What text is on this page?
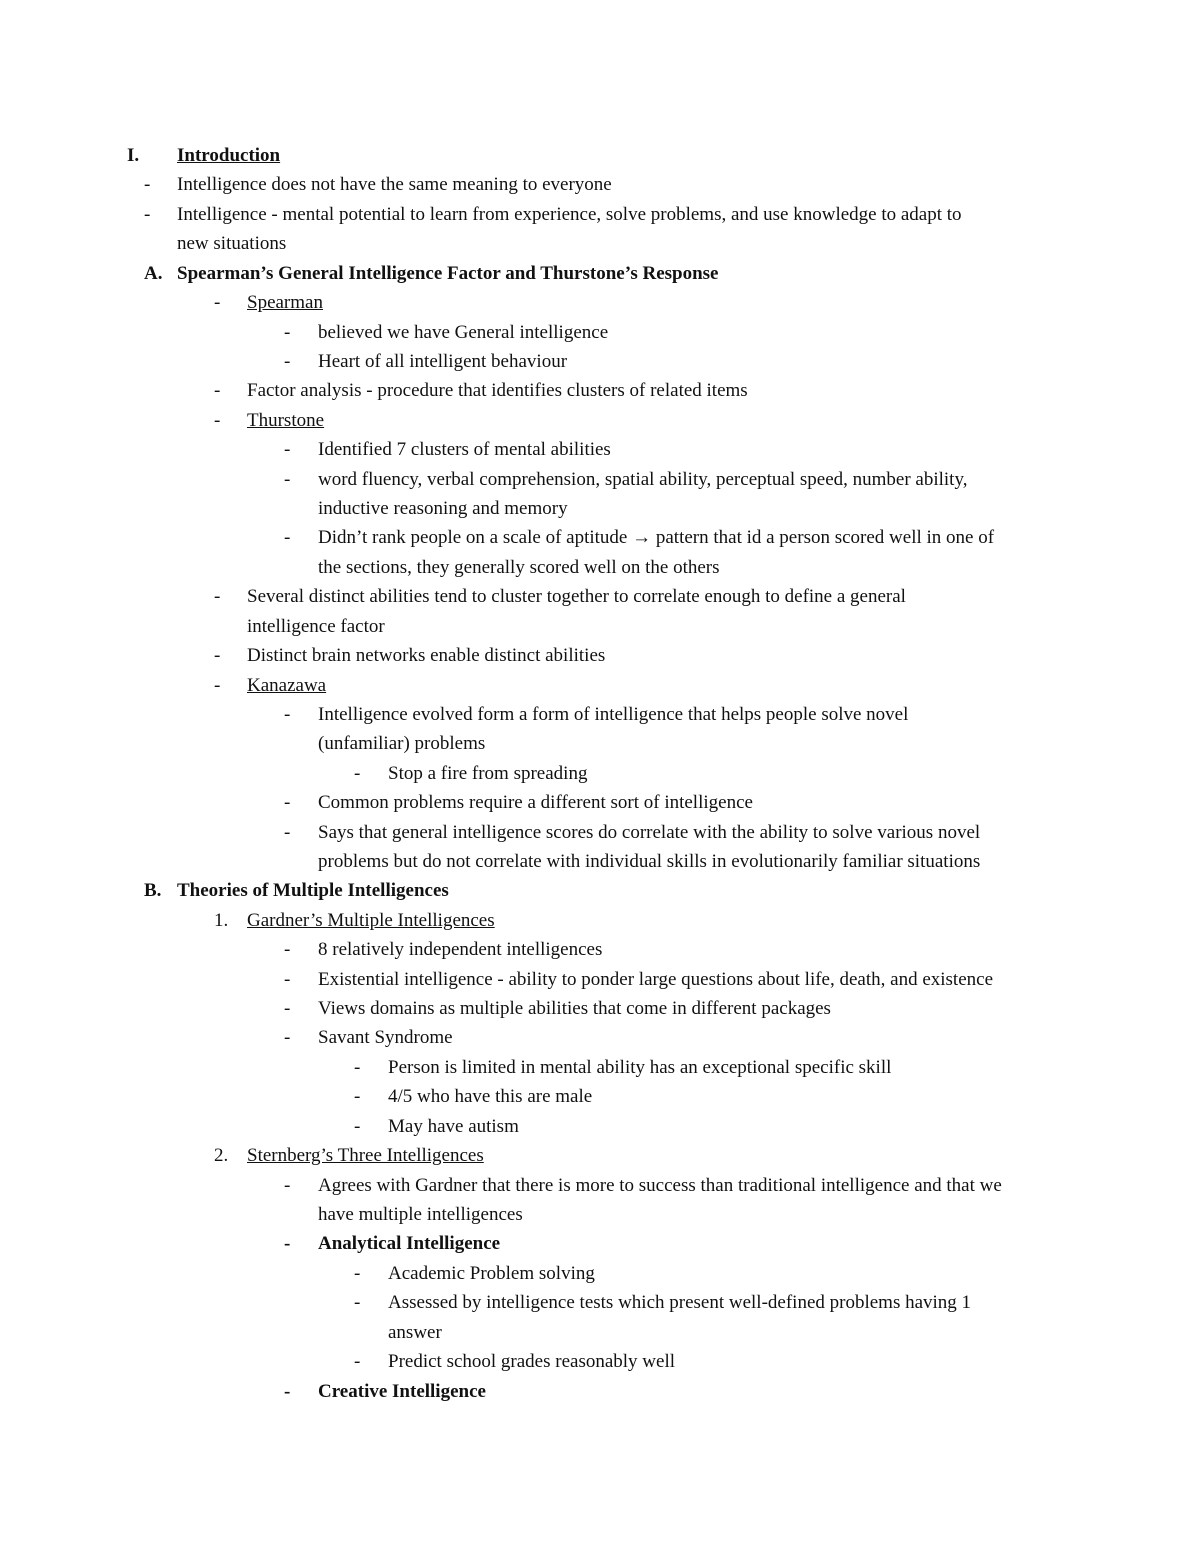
I. Introduction
- Intelligence does not have the same meaning to everyone
- Intelligence - mental potential to learn from experience, solve problems, and use knowledge to adapt to
new situations
A. Spearman’s General Intelligence Factor and Thurstone’s Response
- Spearman
- believed we have General intelligence
- Heart of all intelligent behaviour
- Factor analysis - procedure that identifies clusters of related items
- Thurstone
- Identified 7 clusters of mental abilities
- word fluency, verbal comprehension, spatial ability, perceptual speed, number ability,
inductive reasoning and memory
- Didn’t rank people on a scale of aptitude → pattern that id a person scored well in one of
the sections, they generally scored well on the others
- Several distinct abilities tend to cluster together to correlate enough to define a general
intelligence factor
- Distinct brain networks enable distinct abilities
- Kanazawa
- Intelligence evolved form a form of intelligence that helps people solve novel
(unfamiliar) problems
- Stop a fire from spreading
- Common problems require a different sort of intelligence
- Says that general intelligence scores do correlate with the ability to solve various novel
problems but do not correlate with individual skills in evolutionarily familiar situations
B. Theories of Multiple Intelligences
1. Gardner’s Multiple Intelligences
- 8 relatively independent intelligences
- Existential intelligence - ability to ponder large questions about life, death, and existence
- Views domains as multiple abilities that come in different packages
- Savant Syndrome
- Person is limited in mental ability has an exceptional specific skill
- 4/5 who have this are male
- May have autism
2. Sternberg’s Three Intelligences
- Agrees with Gardner that there is more to success than traditional intelligence and that we
have multiple intelligences
- Analytical Intelligence
- Academic Problem solving
- Assessed by intelligence tests which present well-defined problems having 1
answer
- Predict school grades reasonably well
- Creative Intelligence
